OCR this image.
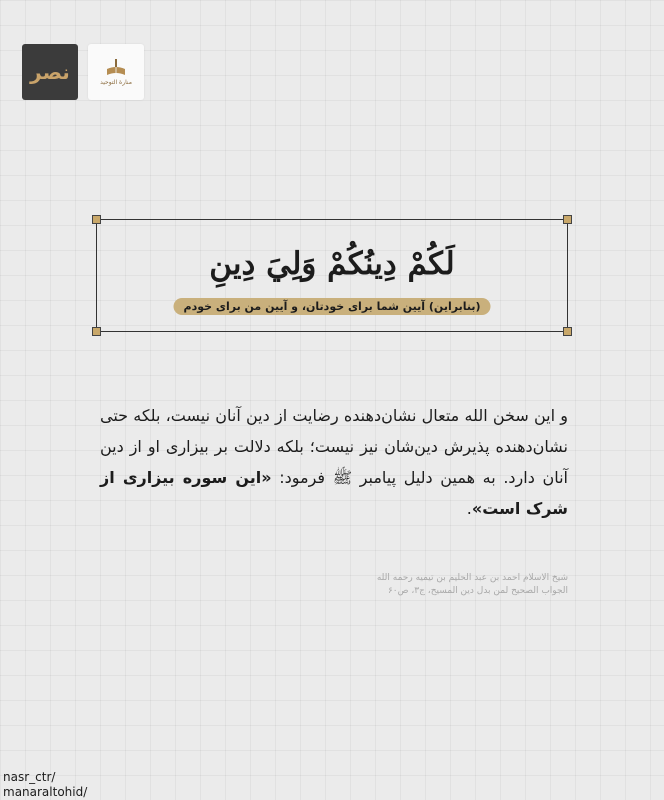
نصر	منارة التوحيد
لَكُمْ دِينُكُمْ وَلِيَ دِينِ
(بنابراین) آیین شما برای خودتان، و آیین من برای خودم

و این سخن الله متعال نشان‌دهنده رضایت از دین آنان نیست، بلکه حتی نشان‌دهنده پذیرش دین‌شان نیز نیست؛ بلکه دلالت بر بیزاری او از دین آنان دارد. به همین دلیل پیامبر ﷺ فرمود: «این سوره بیزاری از شرک است».

شیخ الاسلام احمد بن عبد الحلیم بن تیمیه رحمه الله
الجواب الصحیح لمن بدل دین المسیح، ج۳، ص۶۰
nasr_ctr/
manaraltohid/
